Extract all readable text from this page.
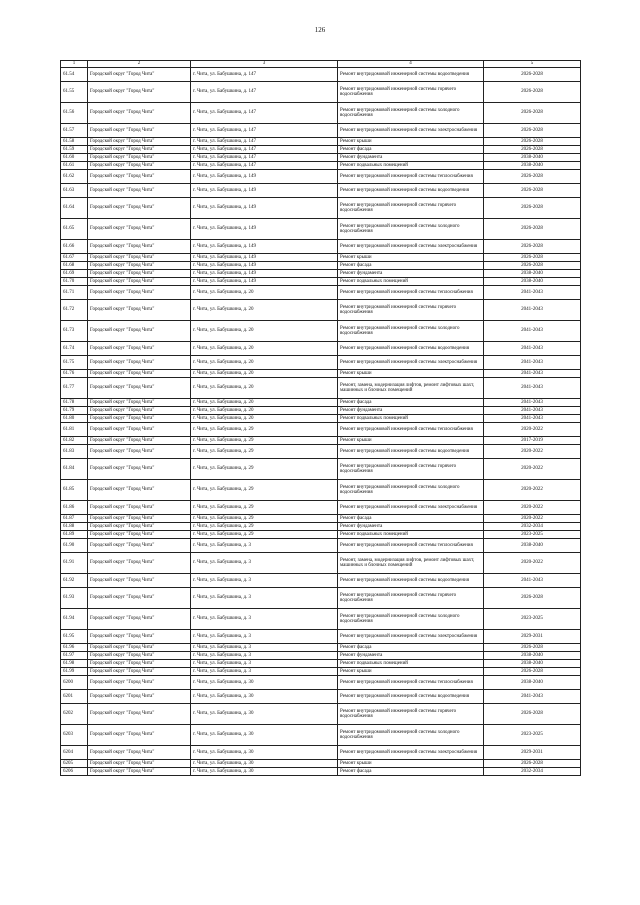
126
1	2	3	4	5
61.54	Городской округ "Город Чита"	г. Чита, ул. Бабушкина, д. 147	Ремонт внутридомовой инженерной системы водоотведения	2026-2028
61.55	Городской округ "Город Чита"	г. Чита, ул. Бабушкина, д. 147	Ремонт внутридомовой инженерной системы горячего водоснабжения	2026-2028
61.56	Городской округ "Город Чита"	г. Чита, ул. Бабушкина, д. 147	Ремонт внутридомовой инженерной системы холодного водоснабжения	2026-2028
61.57	Городской округ "Город Чита"	г. Чита, ул. Бабушкина, д. 147	Ремонт внутридомовой инженерной системы электроснабжения	2026-2028
61.58	Городской округ "Город Чита"	г. Чита, ул. Бабушкина, д. 147	Ремонт крыши	2026-2028
61.59	Городской округ "Город Чита"	г. Чита, ул. Бабушкина, д. 147	Ремонт фасада	2026-2028
61.60	Городской округ "Город Чита"	г. Чита, ул. Бабушкина, д. 147	Ремонт фундамента	2038-2040
61.61	Городской округ "Город Чита"	г. Чита, ул. Бабушкина, д. 147	Ремонт подвальных помещений	2038-2040
61.62	Городской округ "Город Чита"	г. Чита, ул. Бабушкина, д. 149	Ремонт внутридомовой инженерной системы теплоснабжения	2026-2028
61.63	Городской округ "Город Чита"	г. Чита, ул. Бабушкина, д. 149	Ремонт внутридомовой инженерной системы водоотведения	2026-2028
61.64	Городской округ "Город Чита"	г. Чита, ул. Бабушкина, д. 149	Ремонт внутридомовой инженерной системы горячего водоснабжения	2026-2028
61.65	Городской округ "Город Чита"	г. Чита, ул. Бабушкина, д. 149	Ремонт внутридомовой инженерной системы холодного водоснабжения	2026-2028
61.66	Городской округ "Город Чита"	г. Чита, ул. Бабушкина, д. 149	Ремонт внутридомовой инженерной системы электроснабжения	2026-2028
61.67	Городской округ "Город Чита"	г. Чита, ул. Бабушкина, д. 149	Ремонт крыши	2026-2028
61.68	Городской округ "Город Чита"	г. Чита, ул. Бабушкина, д. 149	Ремонт фасада	2026-2028
61.69	Городской округ "Город Чита"	г. Чита, ул. Бабушкина, д. 149	Ремонт фундамента	2038-2040
61.70	Городской округ "Город Чита"	г. Чита, ул. Бабушкина, д. 149	Ремонт подвальных помещений	2038-2040
61.71	Городской округ "Город Чита"	г. Чита, ул. Бабушкина, д. 20	Ремонт внутридомовой инженерной системы теплоснабжения	2041-2043
61.72	Городской округ "Город Чита"	г. Чита, ул. Бабушкина, д. 20	Ремонт внутридомовой инженерной системы горячего водоснабжения	2041-2043
61.73	Городской округ "Город Чита"	г. Чита, ул. Бабушкина, д. 20	Ремонт внутридомовой инженерной системы холодного водоснабжения	2041-2043
61.74	Городской округ "Город Чита"	г. Чита, ул. Бабушкина, д. 20	Ремонт внутридомовой инженерной системы водоотведения	2041-2043
61.75	Городской округ "Город Чита"	г. Чита, ул. Бабушкина, д. 20	Ремонт внутридомовой инженерной системы электроснабжения	2041-2043
61.76	Городской округ "Город Чита"	г. Чита, ул. Бабушкина, д. 20	Ремонт крыши	2041-2043
61.77	Городской округ "Город Чита"	г. Чита, ул. Бабушкина, д. 20	Ремонт, замена, модернизация лифтов, ремонт лифтовых шахт, машинных и блочных помещений	2041-2043
61.78	Городской округ "Город Чита"	г. Чита, ул. Бабушкина, д. 20	Ремонт фасада	2041-2043
61.79	Городской округ "Город Чита"	г. Чита, ул. Бабушкина, д. 20	Ремонт фундамента	2041-2043
61.80	Городской округ "Город Чита"	г. Чита, ул. Бабушкина, д. 20	Ремонт подвальных помещений	2041-2043
61.81	Городской округ "Город Чита"	г. Чита, ул. Бабушкина, д. 29	Ремонт внутридомовой инженерной системы теплоснабжения	2020-2022
61.82	Городской округ "Город Чита"	г. Чита, ул. Бабушкина, д. 29	Ремонт крыши	2017-2019
61.83	Городской округ "Город Чита"	г. Чита, ул. Бабушкина, д. 29	Ремонт внутридомовой инженерной системы водоотведения	2020-2022
61.84	Городской округ "Город Чита"	г. Чита, ул. Бабушкина, д. 29	Ремонт внутридомовой инженерной системы горячего водоснабжения	2020-2022
61.85	Городской округ "Город Чита"	г. Чита, ул. Бабушкина, д. 29	Ремонт внутридомовой инженерной системы холодного водоснабжения	2020-2022
61.86	Городской округ "Город Чита"	г. Чита, ул. Бабушкина, д. 29	Ремонт внутридомовой инженерной системы электроснабжения	2020-2022
61.87	Городской округ "Город Чита"	г. Чита, ул. Бабушкина, д. 29	Ремонт фасада	2020-2022
61.88	Городской округ "Город Чита"	г. Чита, ул. Бабушкина, д. 29	Ремонт фундамента	2032-2034
61.89	Городской округ "Город Чита"	г. Чита, ул. Бабушкина, д. 29	Ремонт подвальных помещений	2023-2025
61.90	Городской округ "Город Чита"	г. Чита, ул. Бабушкина, д. 3	Ремонт внутридомовой инженерной системы теплоснабжения	2038-2040
61.91	Городской округ "Город Чита"	г. Чита, ул. Бабушкина, д. 3	Ремонт, замена, модернизация лифтов, ремонт лифтовых шахт, машинных и блочных помещений	2020-2022
61.92	Городской округ "Город Чита"	г. Чита, ул. Бабушкина, д. 3	Ремонт внутридомовой инженерной системы водоотведения	2041-2043
61.93	Городской округ "Город Чита"	г. Чита, ул. Бабушкина, д. 3	Ремонт внутридомовой инженерной системы горячего водоснабжения	2026-2028
61.94	Городской округ "Город Чита"	г. Чита, ул. Бабушкина, д. 3	Ремонт внутридомовой инженерной системы холодного водоснабжения	2023-2025
61.95	Городской округ "Город Чита"	г. Чита, ул. Бабушкина, д. 3	Ремонт внутридомовой инженерной системы электроснабжения	2029-2031
61.96	Городской округ "Город Чита"	г. Чита, ул. Бабушкина, д. 3	Ремонт фасада	2026-2028
61.97	Городской округ "Город Чита"	г. Чита, ул. Бабушкина, д. 3	Ремонт фундамента	2038-2040
61.98	Городской округ "Город Чита"	г. Чита, ул. Бабушкина, д. 3	Ремонт подвальных помещений	2038-2040
61.99	Городской округ "Город Чита"	г. Чита, ул. Бабушкина, д. 3	Ремонт крыши	2026-2028
6200	Городской округ "Город Чита"	г. Чита, ул. Бабушкина, д. 30	Ремонт внутридомовой инженерной системы теплоснабжения	2038-2040
6201	Городской округ "Город Чита"	г. Чита, ул. Бабушкина, д. 30	Ремонт внутридомовой инженерной системы водоотведения	2041-2043
6202	Городской округ "Город Чита"	г. Чита, ул. Бабушкина, д. 30	Ремонт внутридомовой инженерной системы горячего водоснабжения	2026-2028
6203	Городской округ "Город Чита"	г. Чита, ул. Бабушкина, д. 30	Ремонт внутридомовой инженерной системы холодного водоснабжения	2023-2025
6204	Городской округ "Город Чита"	г. Чита, ул. Бабушкина, д. 30	Ремонт внутридомовой инженерной системы электроснабжения	2029-2031
6205	Городской округ "Город Чита"	г. Чита, ул. Бабушкина, д. 30	Ремонт крыши	2026-2028
6206	Городской округ "Город Чита"	г. Чита, ул. Бабушкина, д. 30	Ремонт фасада	2032-2034
